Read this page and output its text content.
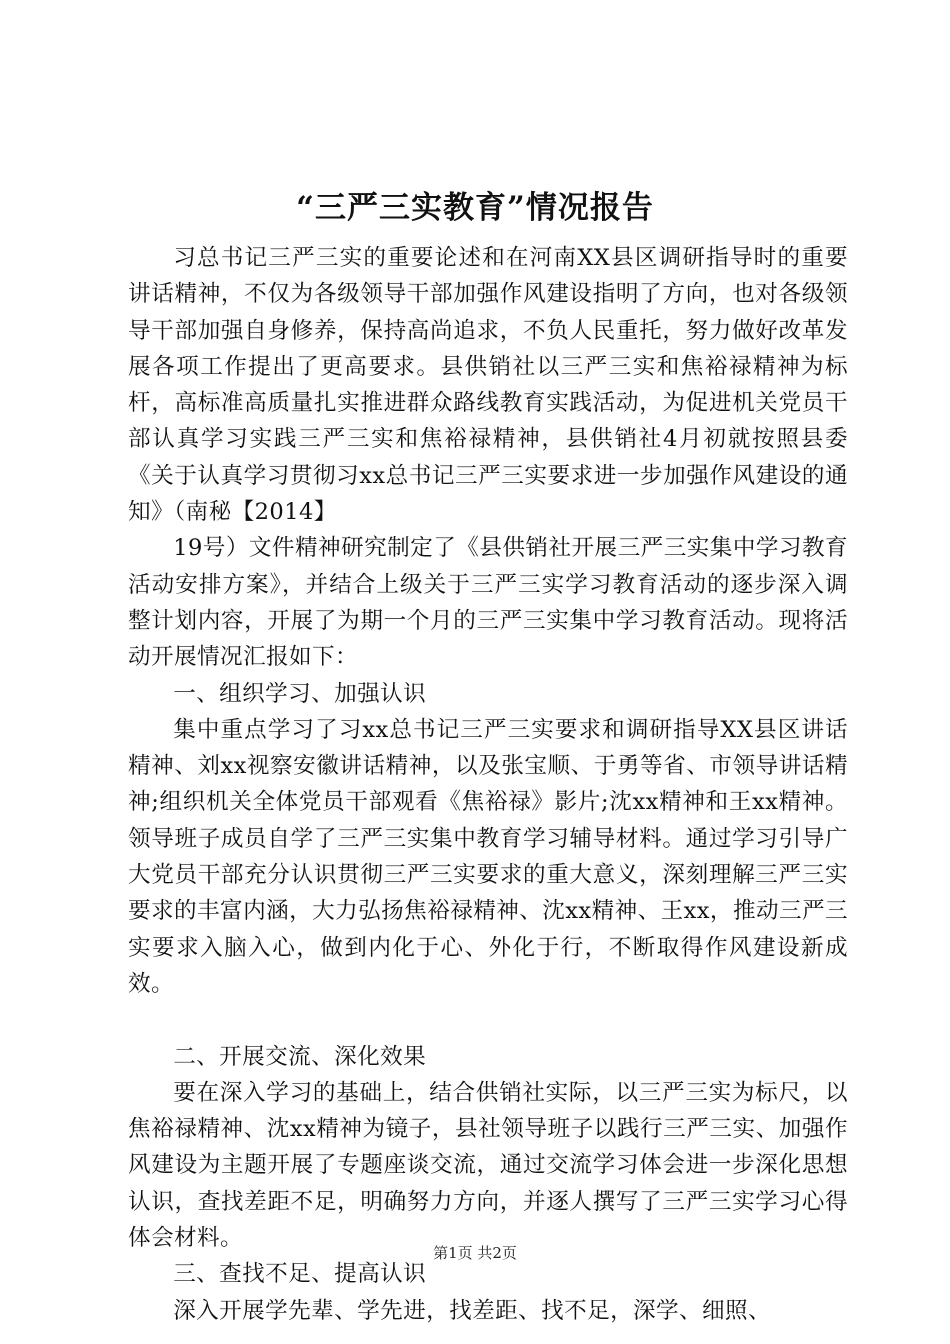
“三严三实教育”情况报告

习总书记三严三实的重要论述和在河南XX县区调研指导时的重要讲话精神，不仅为各级领导干部加强作风建设指明了方向，也对各级领导干部加强自身修养，保持高尚追求，不负人民重托，努力做好改革发展各项工作提出了更高要求。县供销社以三严三实和焦裕禄精神为标杆，高标准高质量扎实推进群众路线教育实践活动，为促进机关党员干部认真学习实践三严三实和焦裕禄精神，县供销社4月初就按照县委《关于认真学习贯彻习xx总书记三严三实要求进一步加强作风建设的通知》（南秘【2014】

19号）文件精神研究制定了《县供销社开展三严三实集中学习教育活动安排方案》，并结合上级关于三严三实学习教育活动的逐步深入调整计划内容，开展了为期一个月的三严三实集中学习教育活动。现将活动开展情况汇报如下：

一、组织学习、加强认识

集中重点学习了习xx总书记三严三实要求和调研指导XX县区讲话精神、刘xx视察安徽讲话精神，以及张宝顺、于勇等省、市领导讲话精神;组织机关全体党员干部观看《焦裕禄》影片;沈xx精神和王xx精神。领导班子成员自学了三严三实集中教育学习辅导材料。通过学习引导广大党员干部充分认识贯彻三严三实要求的重大意义，深刻理解三严三实要求的丰富内涵，大力弘扬焦裕禄精神、沈xx精神、王xx，推动三严三实要求入脑入心，做到内化于心、外化于行，不断取得作风建设新成效。

二、开展交流、深化效果

要在深入学习的基础上，结合供销社实际，以三严三实为标尺，以焦裕禄精神、沈xx精神为镜子，县社领导班子以践行三严三实、加强作风建设为主题开展了专题座谈交流，通过交流学习体会进一步深化思想认识，查找差距不足，明确努力方向，并逐人撰写了三严三实学习心得体会材料。

三、查找不足、提高认识

深入开展学先辈、学先进，找差距、找不足，深学、细照、

第1页 共2页
